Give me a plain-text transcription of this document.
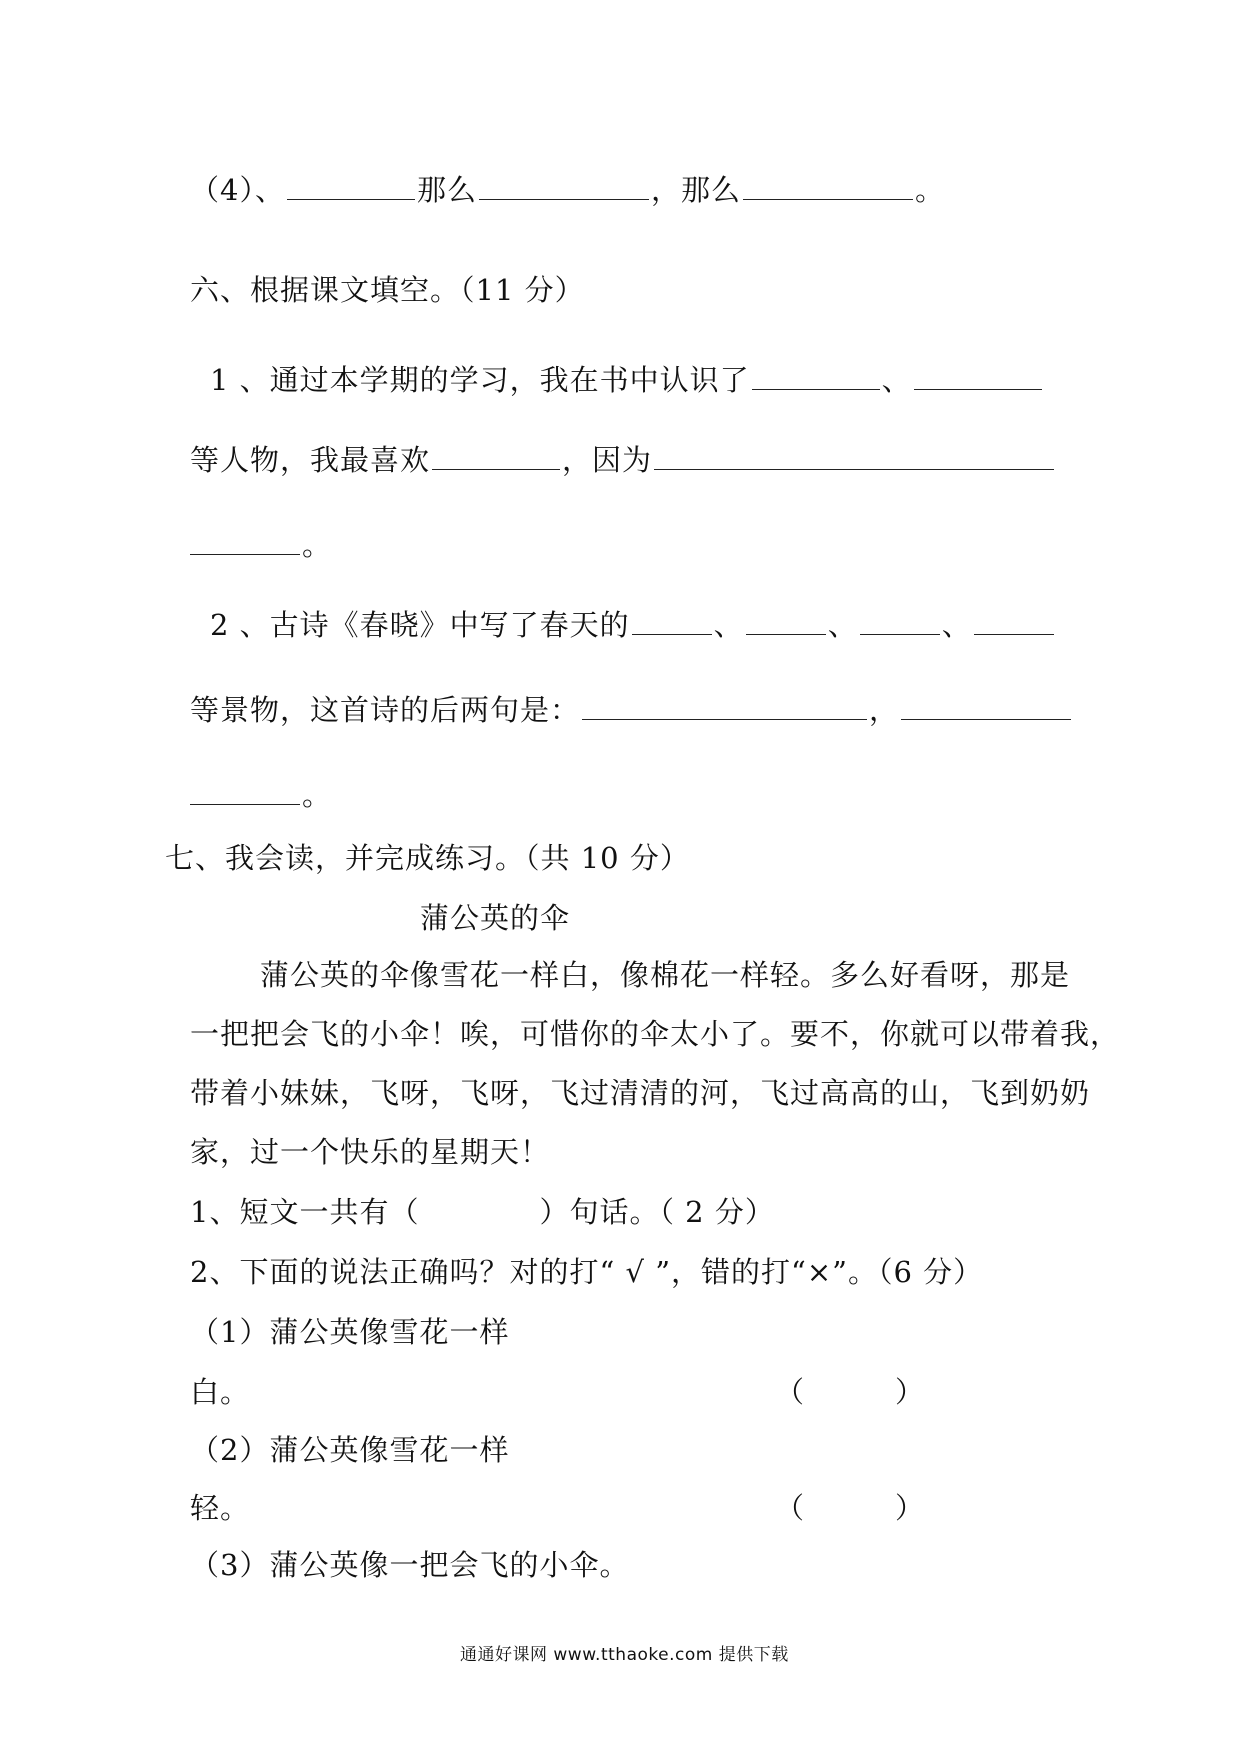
（4）、	那么	，那么	。
六、根据课文填空。（11 分）
1 、通过本学期的学习，我在书中认识了	、
等人物，我最喜欢	，因为
。
2 、古诗《春晓》中写了春天的	、	、	、
等景物，这首诗的后两句是：	，
。
七、我会读，并完成练习。（共 10 分）
蒲公英的伞
蒲公英的伞像雪花一样白，像棉花一样轻。多么好看呀，那是
一把把会飞的小伞！唉，可惜你的伞太小了。要不，你就可以带着我，
带着小妹妹，飞呀，飞呀，飞过清清的河，飞过高高的山，飞到奶奶
家，过一个快乐的星期天！
1、短文一共有（	）句话。（ 2 分）
2、下面的说法正确吗？对的打“ √ ”，错的打“×”。（6 分）
（1）蒲公英像雪花一样
白。	（　　　）
（2）蒲公英像雪花一样
轻。	（　　　）
（3）蒲公英像一把会飞的小伞。
通通好课网 www.tthaoke.com 提供下载
